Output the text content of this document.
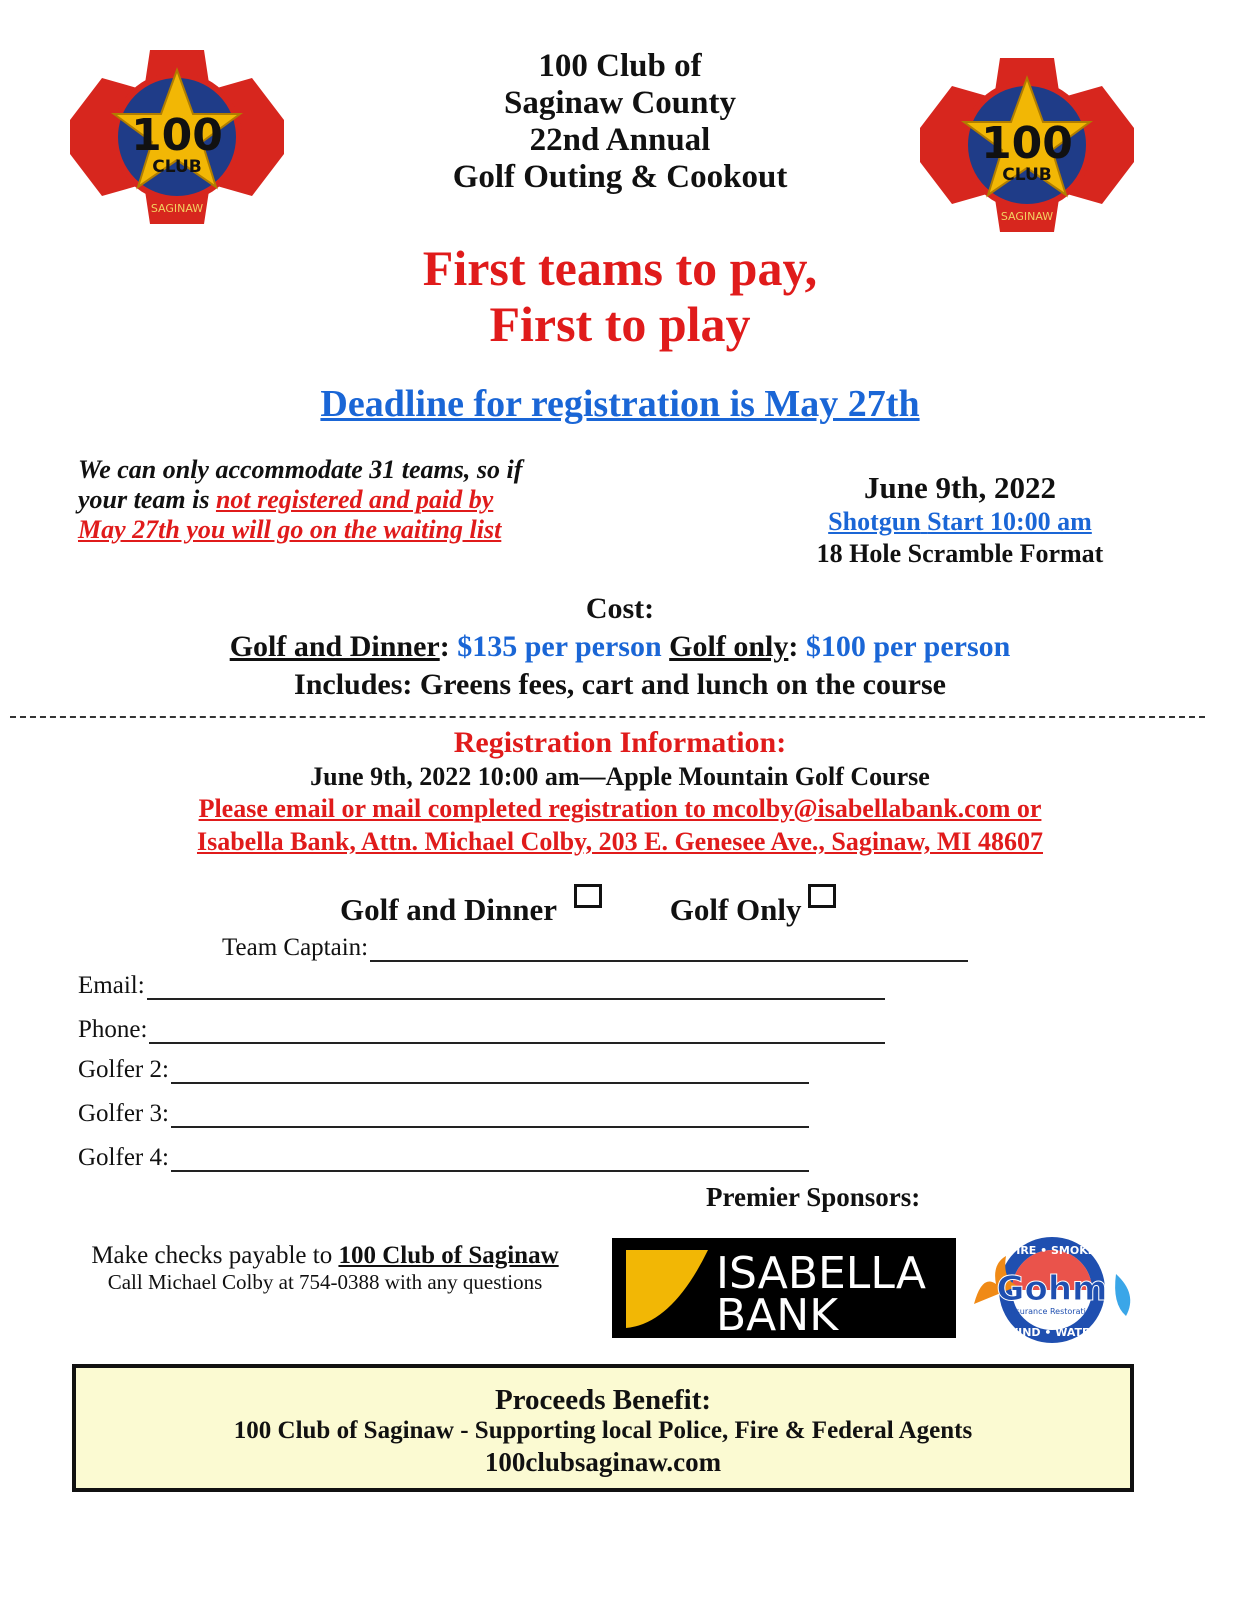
100
CLUB
SAGINAW
100
CLUB
SAGINAW
100 Club of
Saginaw County
22nd Annual
Golf Outing & Cookout
First teams to pay,
First to play
Deadline for registration is May 27th
We can only accommodate 31 teams, so if
your team is not registered and paid by
May 27th you will go on the waiting list
June 9th, 2022
Shotgun Start 10:00 am
18 Hole Scramble Format
Cost:
Golf and Dinner: $135 per person Golf only: $100 per person
Includes: Greens fees, cart and lunch on the course
Registration Information:
June 9th, 2022 10:00 am—Apple Mountain Golf Course
Please email or mail completed registration to mcolby@isabellabank.com or
Isabella Bank, Attn. Michael Colby, 203 E. Genesee Ave., Saginaw, MI 48607
Golf and Dinner	Golf Only
Team Captain:
Email:
Phone:
Golfer 2:
Golfer 3:
Golfer 4:
Premier Sponsors:
Make checks payable to 100 Club of Saginaw
Call Michael Colby at 754-0388 with any questions	ISABELLA
BANK
FIRE • SMOKE
Gohm
Insurance Restoration
WIND • WATER
Proceeds Benefit:
100 Club of Saginaw - Supporting local Police, Fire & Federal Agents
100clubsaginaw.com
